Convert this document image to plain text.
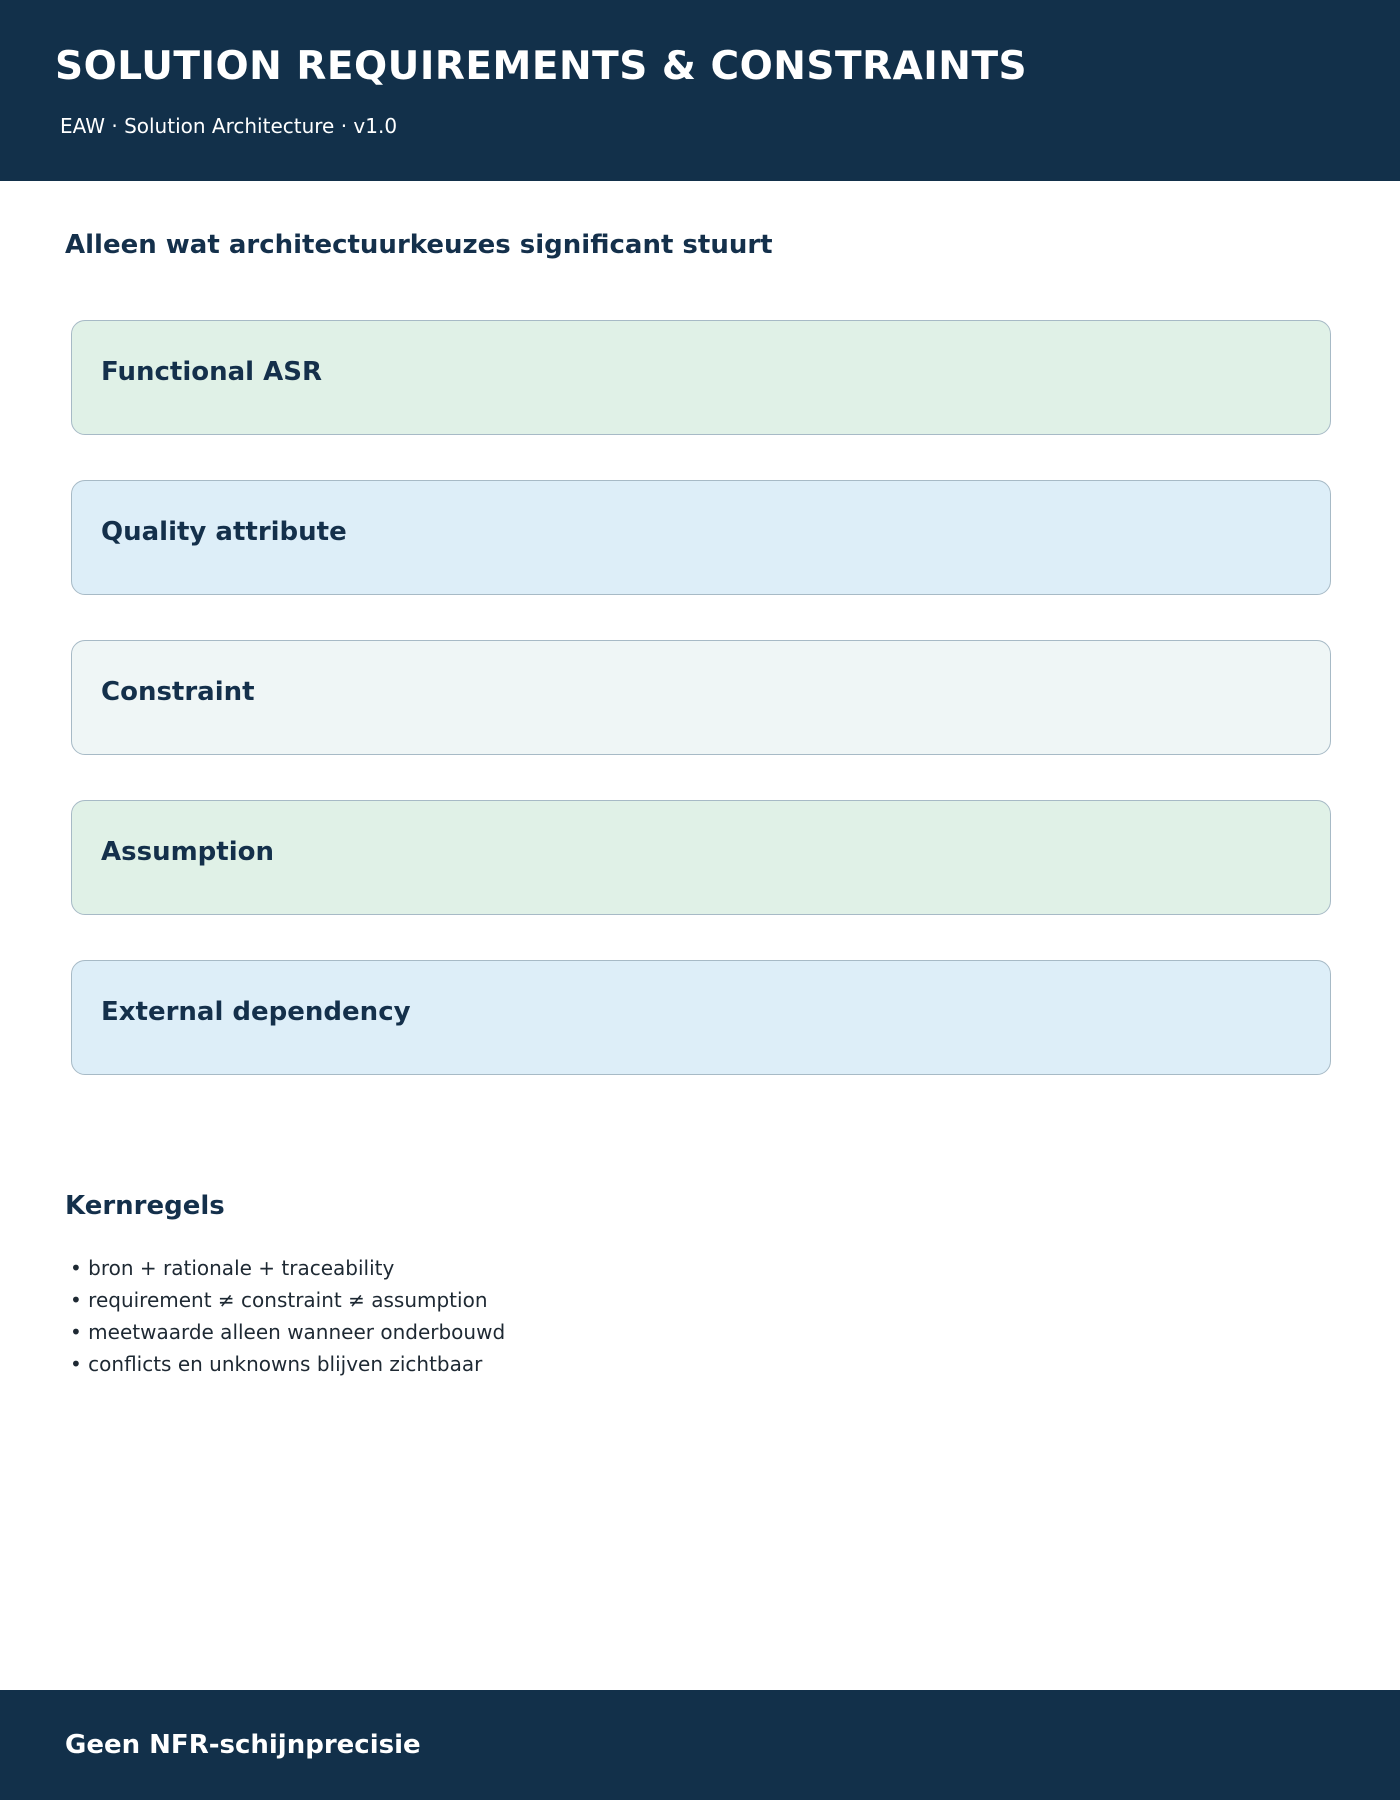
SOLUTION REQUIREMENTS & CONSTRAINTS
EAW · Solution Architecture · v1.0
Alleen wat architectuurkeuzes significant stuurt
Functional ASR
Quality attribute
Constraint
Assumption
External dependency
Kernregels
• bron + rationale + traceability
• requirement ≠ constraint ≠ assumption
• meetwaarde alleen wanneer onderbouwd
• conflicts en unknowns blijven zichtbaar
Geen NFR-schijnprecisie
